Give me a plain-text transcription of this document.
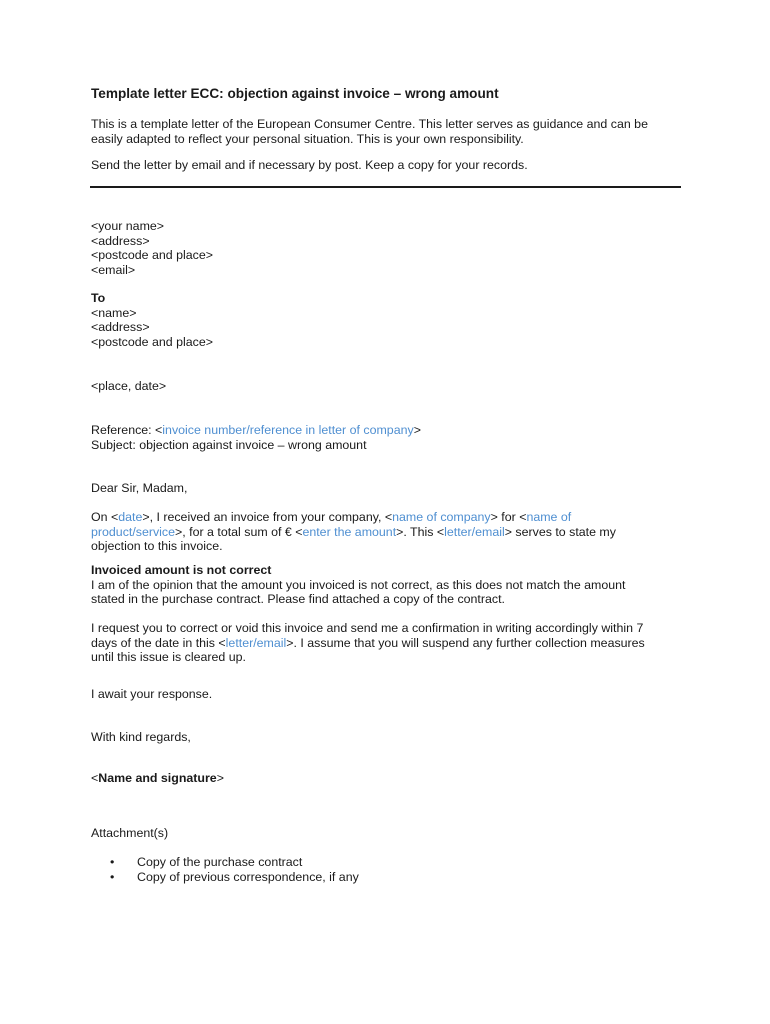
Template letter ECC: objection against invoice – wrong amount
This is a template letter of the European Consumer Centre. This letter serves as guidance and can be
easily adapted to reflect your personal situation. This is your own responsibility.
Send the letter by email and if necessary by post. Keep a copy for your records.
<your name>
<address>
<postcode and place>
<email>
To
<name>
<address>
<postcode and place>
<place, date>
Reference: <invoice number/reference in letter of company>
Subject: objection against invoice – wrong amount
Dear Sir, Madam,
On <date>, I received an invoice from your company, <name of company> for <name of
product/service>, for a total sum of € <enter the amount>. This <letter/email> serves to state my
objection to this invoice.
Invoiced amount is not correct
I am of the opinion that the amount you invoiced is not correct, as this does not match the amount
stated in the purchase contract. Please find attached a copy of the contract.
I request you to correct or void this invoice and send me a confirmation in writing accordingly within 7
days of the date in this <letter/email>. I assume that you will suspend any further collection measures
until this issue is cleared up.
I await your response.
With kind regards,
<Name and signature>
Attachment(s)
•	Copy of the purchase contract
•	Copy of previous correspondence, if any
